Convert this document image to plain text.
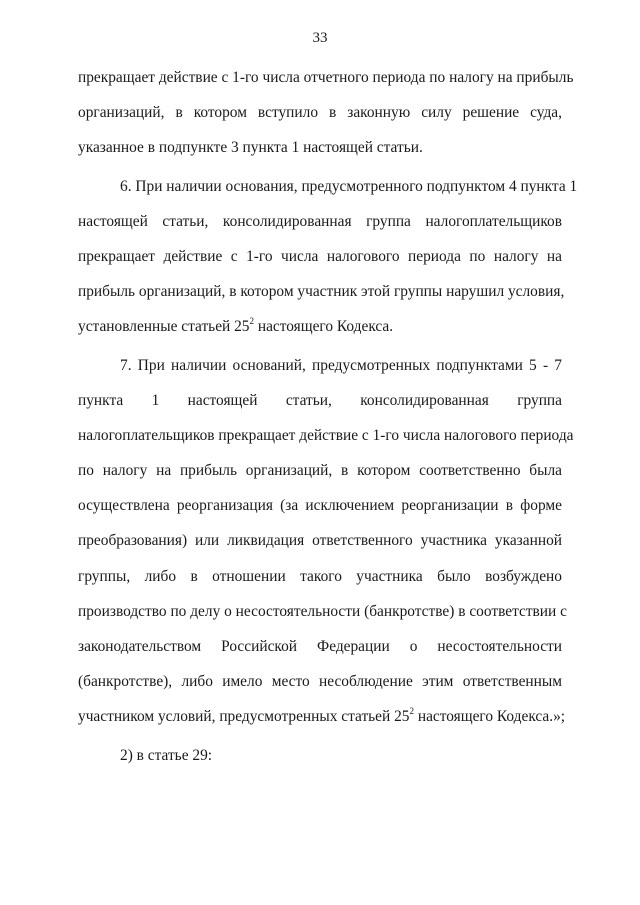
33
прекращает действие с 1-го числа отчетного периода по налогу на прибыль
организаций, в котором вступило в законную силу решение суда,
указанное в подпункте 3 пункта 1 настоящей статьи.
6. При наличии основания, предусмотренного подпунктом 4 пункта 1
настоящей статьи, консолидированная группа налогоплательщиков
прекращает действие с 1-го числа налогового периода по налогу на
прибыль организаций, в котором участник этой группы нарушил условия,
установленные статьей $25^2$ настоящего Кодекса.
7. При наличии оснований, предусмотренных подпунктами 5 - 7
пункта 1 настоящей статьи, консолидированная группа
налогоплательщиков прекращает действие с 1-го числа налогового периода
по налогу на прибыль организаций, в котором соответственно была
осуществлена реорганизация (за исключением реорганизации в форме
преобразования) или ликвидация ответственного участника указанной
группы, либо в отношении такого участника было возбуждено
производство по делу о несостоятельности (банкротстве) в соответствии с
законодательством Российской Федерации о несостоятельности
(банкротстве), либо имело место несоблюдение этим ответственным
участником условий, предусмотренных статьей $25^2$ настоящего Кодекса.»;
2) в статье 29:
